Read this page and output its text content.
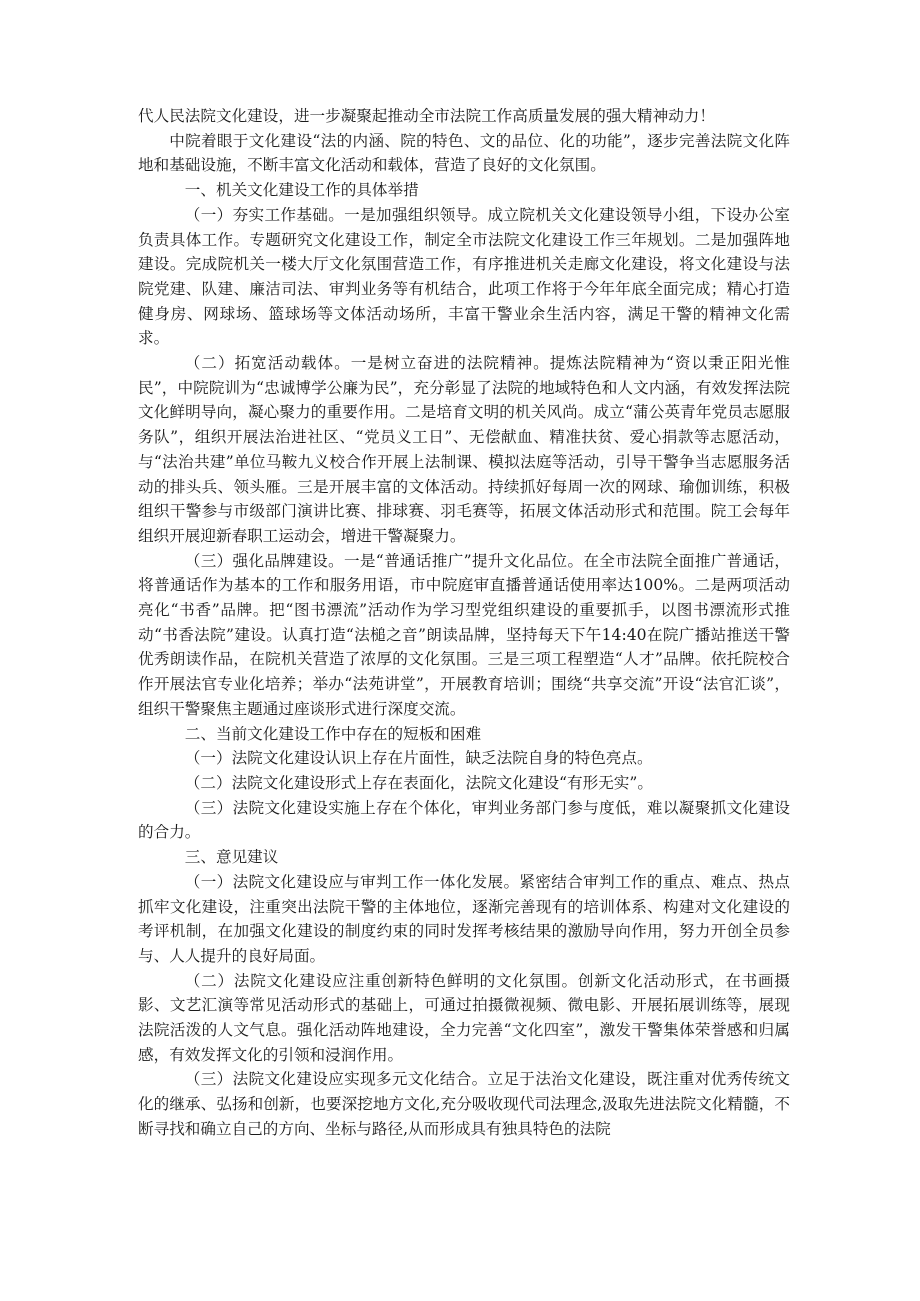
代人民法院文化建设，进一步凝聚起推动全市法院工作高质量发展的强大精神动力！

中院着眼于文化建设“法的内涵、院的特色、文的品位、化的功能”，逐步完善法院文化阵地和基础设施，不断丰富文化活动和载体，营造了良好的文化氛围。

一、机关文化建设工作的具体举措

（一）夯实工作基础。一是加强组织领导。成立院机关文化建设领导小组，下设办公室负责具体工作。专题研究文化建设工作，制定全市法院文化建设工作三年规划。二是加强阵地建设。完成院机关一楼大厅文化氛围营造工作，有序推进机关走廊文化建设，将文化建设与法院党建、队建、廉洁司法、审判业务等有机结合，此项工作将于今年年底全面完成；精心打造健身房、网球场、篮球场等文体活动场所，丰富干警业余生活内容，满足干警的精神文化需求。

（二）拓宽活动载体。一是树立奋进的法院精神。提炼法院精神为“资以秉正阳光惟民”，中院院训为“忠诚博学公廉为民”，充分彰显了法院的地域特色和人文内涵，有效发挥法院文化鲜明导向，凝心聚力的重要作用。二是培育文明的机关风尚。成立“蒲公英青年党员志愿服务队”，组织开展法治进社区、“党员义工日”、无偿献血、精准扶贫、爱心捐款等志愿活动，与“法治共建”单位马鞍九义校合作开展上法制课、模拟法庭等活动，引导干警争当志愿服务活动的排头兵、领头雁。三是开展丰富的文体活动。持续抓好每周一次的网球、瑜伽训练，积极组织干警参与市级部门演讲比赛、排球赛、羽毛赛等，拓展文体活动形式和范围。院工会每年组织开展迎新春职工运动会，增进干警凝聚力。

（三）强化品牌建设。一是“普通话推广”提升文化品位。在全市法院全面推广普通话，将普通话作为基本的工作和服务用语，市中院庭审直播普通话使用率达100%。二是两项活动亮化“书香”品牌。把“图书漂流”活动作为学习型党组织建设的重要抓手，以图书漂流形式推动“书香法院”建设。认真打造“法槌之音”朗读品牌，坚持每天下午14:40在院广播站推送干警优秀朗读作品，在院机关营造了浓厚的文化氛围。三是三项工程塑造“人才”品牌。依托院校合作开展法官专业化培养；举办“法苑讲堂”，开展教育培训；围绕“共享交流”开设“法官汇谈”，组织干警聚焦主题通过座谈形式进行深度交流。

二、当前文化建设工作中存在的短板和困难

（一）法院文化建设认识上存在片面性，缺乏法院自身的特色亮点。

（二）法院文化建设形式上存在表面化，法院文化建设“有形无实”。

（三）法院文化建设实施上存在个体化，审判业务部门参与度低，难以凝聚抓文化建设的合力。

三、意见建议

（一）法院文化建设应与审判工作一体化发展。紧密结合审判工作的重点、难点、热点抓牢文化建设，注重突出法院干警的主体地位，逐渐完善现有的培训体系、构建对文化建设的考评机制，在加强文化建设的制度约束的同时发挥考核结果的激励导向作用，努力开创全员参与、人人提升的良好局面。

（二）法院文化建设应注重创新特色鲜明的文化氛围。创新文化活动形式，在书画摄影、文艺汇演等常见活动形式的基础上，可通过拍摄微视频、微电影、开展拓展训练等，展现法院活泼的人文气息。强化活动阵地建设，全力完善“文化四室”，激发干警集体荣誉感和归属感，有效发挥文化的引领和浸润作用。

（三）法院文化建设应实现多元文化结合。立足于法治文化建设，既注重对优秀传统文化的继承、弘扬和创新，也要深挖地方文化,充分吸收现代司法理念,汲取先进法院文化精髓，不断寻找和确立自己的方向、坐标与路径,从而形成具有独具特色的法院
